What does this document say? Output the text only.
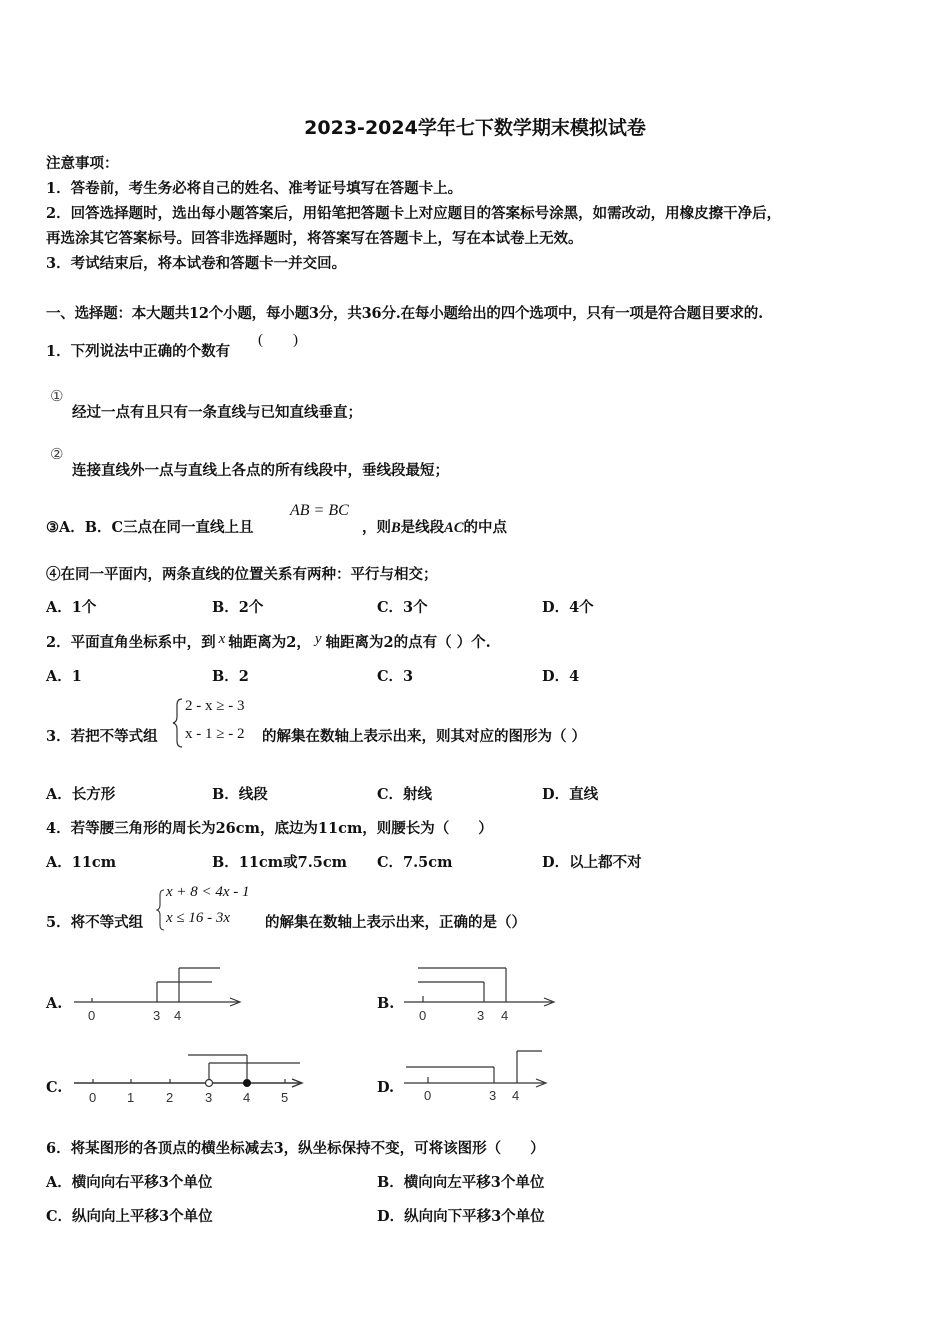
2023-2024学年七下数学期末模拟试卷
注意事项：
1．答卷前，考生务必将自己的姓名、准考证号填写在答题卡上。
2．回答选择题时，选出每小题答案后，用铅笔把答题卡上对应题目的答案标号涂黑，如需改动，用橡皮擦干净后，
再选涂其它答案标号。回答非选择题时，将答案写在答题卡上，写在本试卷上无效。
3．考试结束后，将本试卷和答题卡一并交回。
一、选择题：本大题共12个小题，每小题3分，共36分.在每小题给出的四个选项中，只有一项是符合题目要求的.
1．下列说法中正确的个数有
(　　)
①
经过一点有且只有一条直线与已知直线垂直；
②
连接直线外一点与直线上各点的所有线段中，垂线段最短；
③A．B．C三点在同一直线上且
AB = BC
，则B是线段AC的中点
④在同一平面内，两条直线的位置关系有两种：平行与相交；
A．1个	B．2个	C．3个	D．4个
2．平面直角坐标系中，到 x 轴距离为2， y 轴距离为2的点有（ ）个.
A．1	B．2	C．3	D．4
3．若把不等式组
2 - x ≥ - 3
x - 1 ≥ - 2 的解集在数轴上表示出来，则其对应的图形为（ ）
A．长方形	B．线段	C．射线	D．直线
4．若等腰三角形的周长为26cm，底边为11cm，则腰长为（　　）
A．11cm	B．11cm或7.5cm C．7.5cm	D．以上都不对
5．将不等式组
x + 8 < 4x - 1
x ≤ 16 - 3x 的解集在数轴上表示出来，正确的是（）
A.
0	3 4
B.
0	3 4
C.
0 1 2 3 4 5
D. 0	3 4
6．将某图形的各顶点的横坐标减去3，纵坐标保持不变，可将该图形（　　）
A．横向向右平移3个单位	B．横向向左平移3个单位
C．纵向向上平移3个单位	D．纵向向下平移3个单位
